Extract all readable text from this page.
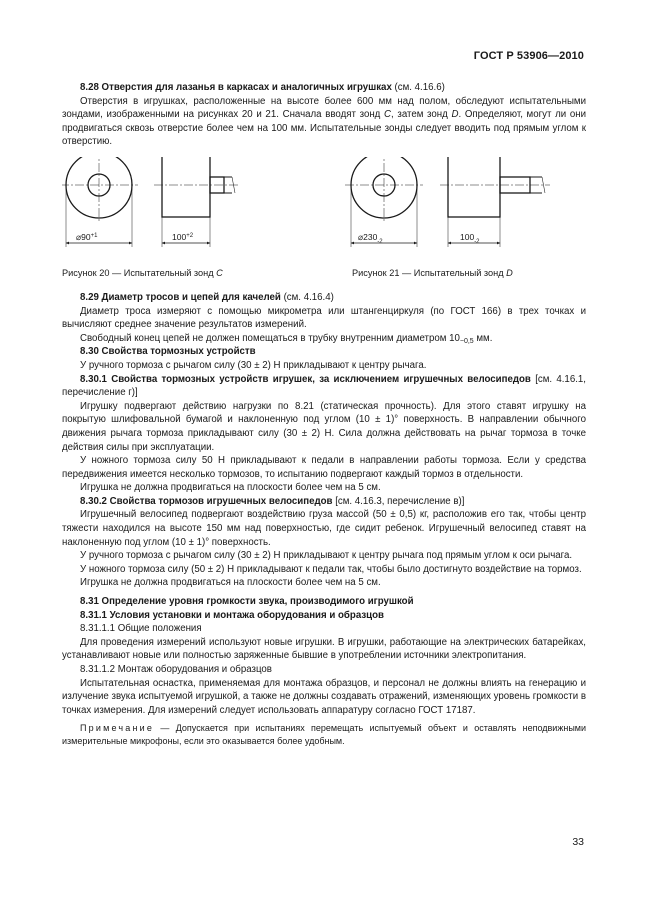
ГОСТ Р 53906—2010

8.28 Отверстия для лазанья в каркасах и аналогичных игрушках (см. 4.16.6)

Отверстия в игрушках, расположенные на высоте более 600 мм над полом, обследуют испытательными зондами, изображенными на рисунках 20 и 21. Сначала вводят зонд C, затем зонд D. Определяют, могут ли они продвигаться сквозь отверстие более чем на 100 мм. Испытательные зонды следует вводить под прямым углом к отверстию.

$⌀90^{+1}$	$100^{+2}$	$⌀230_{-2}$	$100_{-2}$
Рисунок 20 — Испытательный зонд C	Рисунок 21 — Испытательный зонд D

8.29 Диаметр тросов и цепей для качелей (см. 4.16.4)

Диаметр троса измеряют с помощью микрометра или штангенциркуля (по ГОСТ 166) в трех точках и вычисляют среднее значение результатов измерений.

Свободный конец цепей не должен помещаться в трубку внутренним диаметром $10_{-0,5}$ мм.

8.30 Свойства тормозных устройств

У ручного тормоза с рычагом силу (30 ± 2) Н прикладывают к центру рычага.

8.30.1 Свойства тормозных устройств игрушек, за исключением игрушечных велосипедов [см. 4.16.1, перечисление г)]

Игрушку подвергают действию нагрузки по 8.21 (статическая прочность). Для этого ставят игрушку на покрытую шлифовальной бумагой и наклоненную под углом (10 ± 1)° поверхность. В направлении обычного движения рычага тормоза прикладывают силу (30 ± 2) Н. Сила должна действовать на рычаг тормоза в точке действия силы при эксплуатации.

У ножного тормоза силу 50 Н прикладывают к педали в направлении работы тормоза. Если у средства передвижения имеется несколько тормозов, то испытанию подвергают каждый тормоз в отдельности.

Игрушка не должна продвигаться на плоскости более чем на 5 см.

8.30.2 Свойства тормозов игрушечных велосипедов [см. 4.16.3, перечисление в)]

Игрушечный велосипед подвергают воздействию груза массой (50 ± 0,5) кг, расположив его так, чтобы центр тяжести находился на высоте 150 мм над поверхностью, где сидит ребенок. Игрушечный велосипед ставят на наклоненную под углом (10 ± 1)° поверхность.

У ручного тормоза с рычагом силу (30 ± 2) Н прикладывают к центру рычага под прямым углом к оси рычага.

У ножного тормоза силу (50 ± 2) Н прикладывают к педали так, чтобы было достигнуто воздействие на тормоз.

Игрушка не должна продвигаться на плоскости более чем на 5 см.

8.31 Определение уровня громкости звука, производимого игрушкой

8.31.1 Условия установки и монтажа оборудования и образцов

8.31.1.1 Общие положения

Для проведения измерений используют новые игрушки. В игрушки, работающие на электрических батарейках, устанавливают новые или полностью заряженные бывшие в употреблении источники электропитания.

8.31.1.2 Монтаж оборудования и образцов

Испытательная оснастка, применяемая для монтажа образцов, и персонал не должны влиять на генерацию и излучение звука испытуемой игрушкой, а также не должны создавать отражений, изменяющих уровень громкости в точках измерения. Для измерений следует использовать аппаратуру согласно ГОСТ 17187.

Примечание — Допускается при испытаниях перемещать испытуемый объект и оставлять неподвижными измерительные микрофоны, если это оказывается более удобным.

33
